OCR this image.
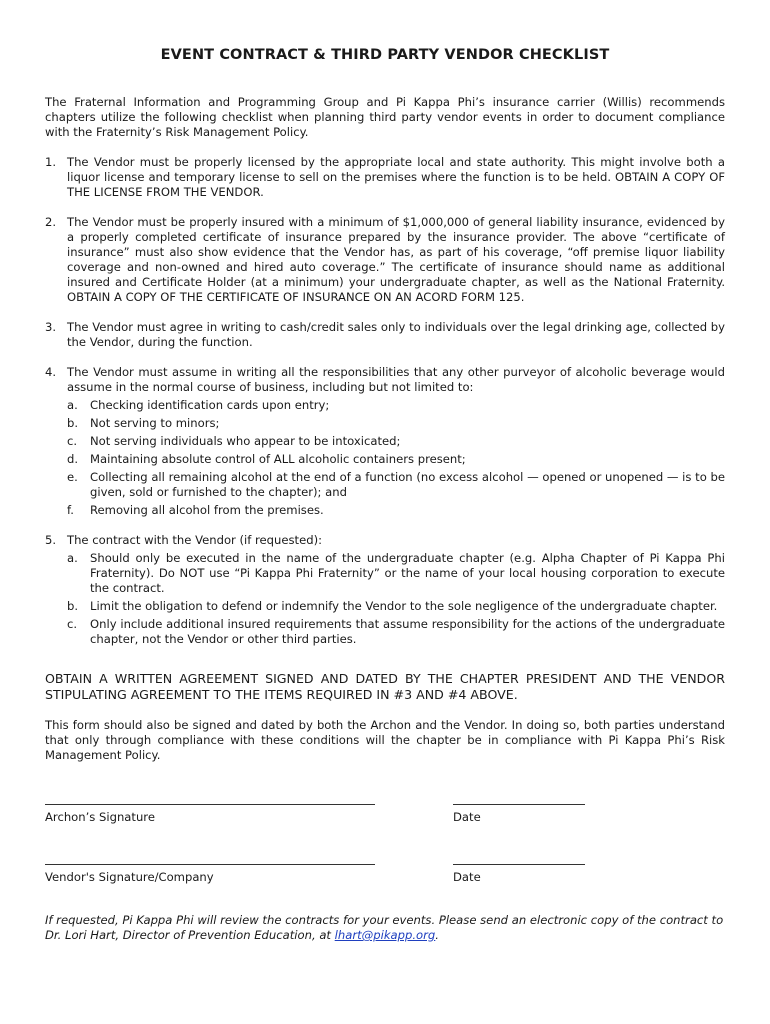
EVENT CONTRACT & THIRD PARTY VENDOR CHECKLIST
The Fraternal Information and Programming Group and Pi Kappa Phi’s insurance carrier (Willis) recommends chapters utilize the following checklist when planning third party vendor events in order to document compliance with the Fraternity’s Risk Management Policy.
1. The Vendor must be properly licensed by the appropriate local and state authority. This might involve both a liquor license and temporary license to sell on the premises where the function is to be held. OBTAIN A COPY OF THE LICENSE FROM THE VENDOR.
2. The Vendor must be properly insured with a minimum of $1,000,000 of general liability insurance, evidenced by a properly completed certificate of insurance prepared by the insurance provider. The above “certificate of insurance” must also show evidence that the Vendor has, as part of his coverage, “off premise liquor liability coverage and non-owned and hired auto coverage.” The certificate of insurance should name as additional insured and Certificate Holder (at a minimum) your undergraduate chapter, as well as the National Fraternity. OBTAIN A COPY OF THE CERTIFICATE OF INSURANCE ON AN ACORD FORM 125.
3. The Vendor must agree in writing to cash/credit sales only to individuals over the legal drinking age, collected by the Vendor, during the function.
4. The Vendor must assume in writing all the responsibilities that any other purveyor of alcoholic beverage would assume in the normal course of business, including but not limited to:
a. Checking identification cards upon entry;
b. Not serving to minors;
c. Not serving individuals who appear to be intoxicated;
d. Maintaining absolute control of ALL alcoholic containers present;
e. Collecting all remaining alcohol at the end of a function (no excess alcohol — opened or unopened — is to be given, sold or furnished to the chapter); and
f. Removing all alcohol from the premises.
5. The contract with the Vendor (if requested):
a. Should only be executed in the name of the undergraduate chapter (e.g. Alpha Chapter of Pi Kappa Phi Fraternity). Do NOT use “Pi Kappa Phi Fraternity” or the name of your local housing corporation to execute the contract.
b. Limit the obligation to defend or indemnify the Vendor to the sole negligence of the undergraduate chapter.
c. Only include additional insured requirements that assume responsibility for the actions of the undergraduate chapter, not the Vendor or other third parties.
OBTAIN A WRITTEN AGREEMENT SIGNED AND DATED BY THE CHAPTER PRESIDENT AND THE VENDOR STIPULATING AGREEMENT TO THE ITEMS REQUIRED IN #3 AND #4 ABOVE.
This form should also be signed and dated by both the Archon and the Vendor. In doing so, both parties understand that only through compliance with these conditions will the chapter be in compliance with Pi Kappa Phi’s Risk Management Policy.
Archon’s Signature	Date
Vendor's Signature/Company	Date
If requested, Pi Kappa Phi will review the contracts for your events. Please send an electronic copy of the contract to Dr. Lori Hart, Director of Prevention Education, at lhart@pikapp.org.
